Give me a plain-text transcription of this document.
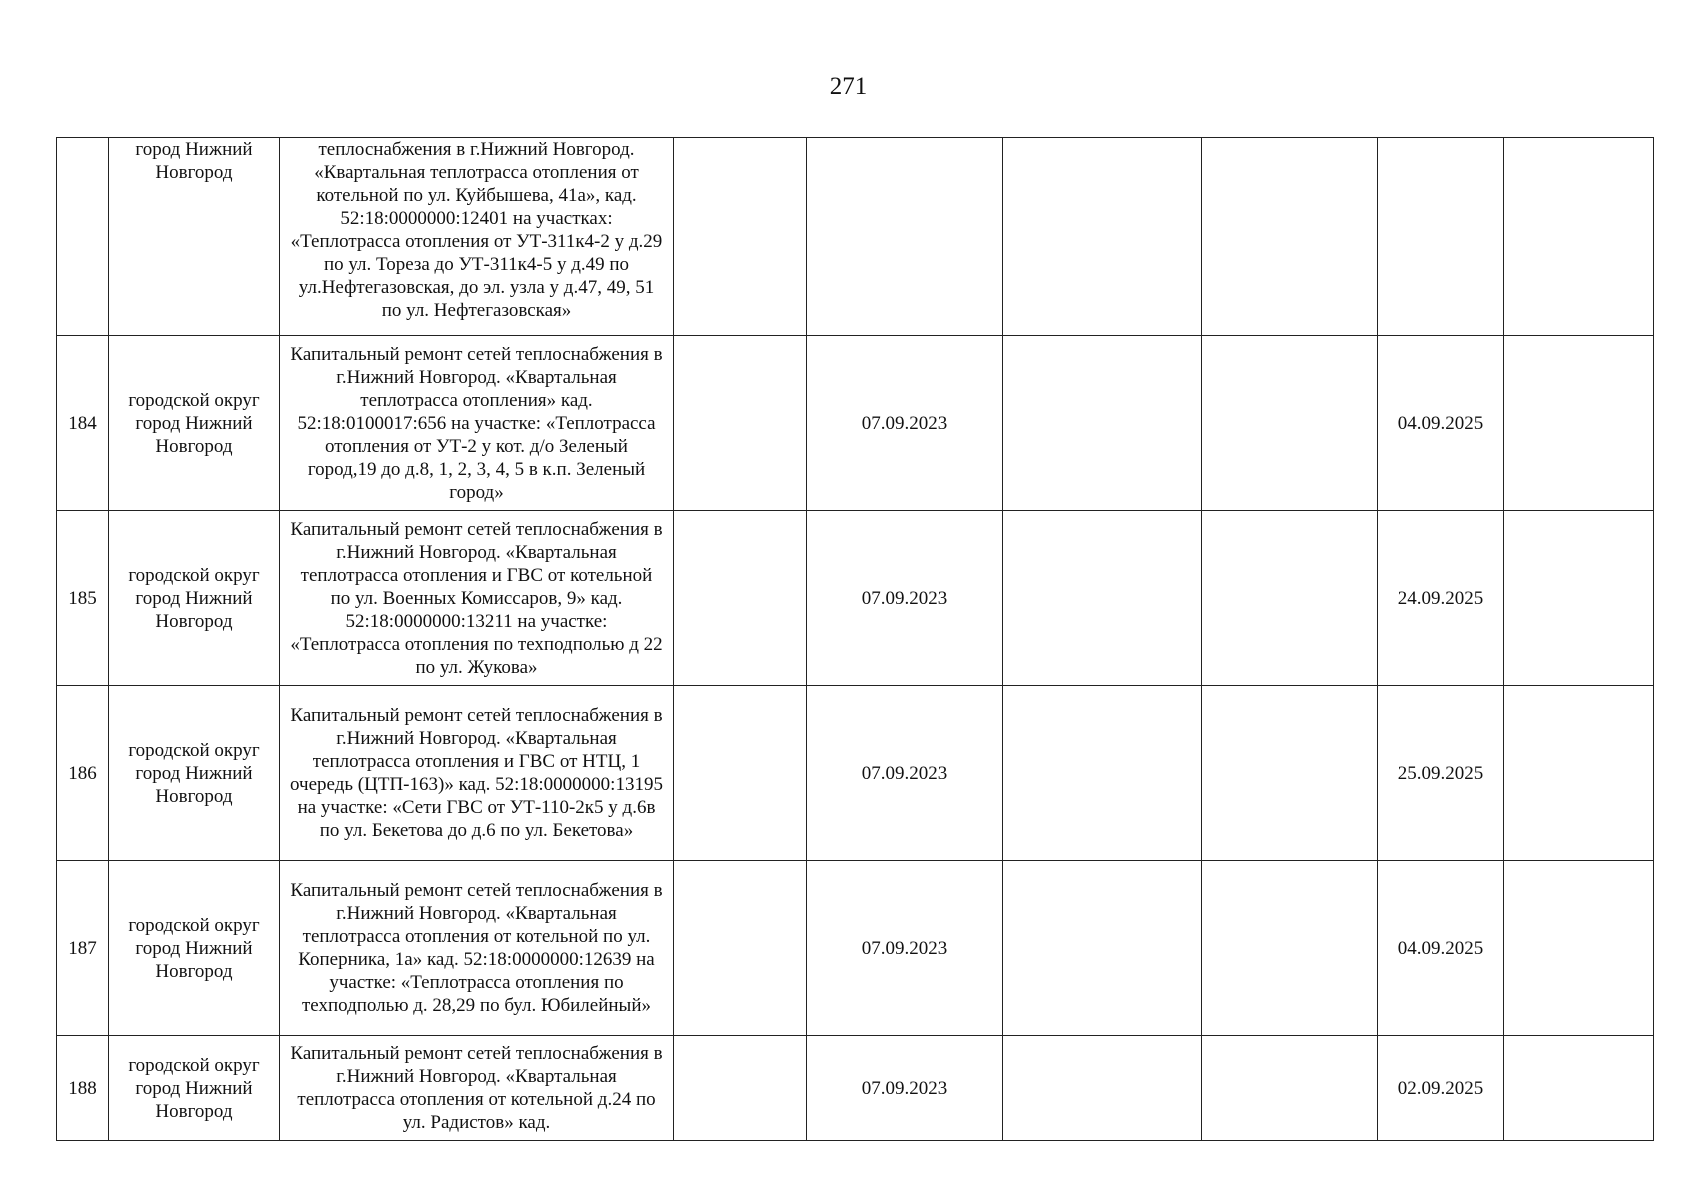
271

	город Нижний Новгород	теплоснабжения в г.Нижний Новгород. «Квартальная теплотрасса отопления от котельной по ул. Куйбышева, 41а», кад. 52:18:0000000:12401 на участках: «Теплотрасса отопления от УТ-311к4-2 у д.29 по ул. Тореза до УТ-311к4-5 у д.49 по ул.Нефтегазовская, до эл. узла у д.47, 49, 51 по ул. Нефтегазовская»						

184	городской округ город Нижний Новгород	Капитальный ремонт сетей теплоснабжения в г.Нижний Новгород. «Квартальная теплотрасса отопления» кад. 52:18:0100017:656 на участке: «Теплотрасса отопления от УТ-2 у кот. д/о Зеленый город,19 до д.8, 1, 2, 3, 4, 5 в к.п. Зеленый город»		07.09.2023			04.09.2025	
185	городской округ город Нижний Новгород	Капитальный ремонт сетей теплоснабжения в г.Нижний Новгород. «Квартальная теплотрасса отопления и ГВС от котельной по ул. Военных Комиссаров, 9» кад. 52:18:0000000:13211 на участке: «Теплотрасса отопления по техподполью д 22 по ул. Жукова»		07.09.2023			24.09.2025	
186	городской округ город Нижний Новгород	Капитальный ремонт сетей теплоснабжения в г.Нижний Новгород. «Квартальная теплотрасса отопления и ГВС от НТЦ, 1 очередь (ЦТП-163)» кад. 52:18:0000000:13195 на участке: «Сети ГВС от УТ-110-2к5 у д.6в по ул. Бекетова до д.6 по ул. Бекетова»		07.09.2023			25.09.2025	
187	городской округ город Нижний Новгород	Капитальный ремонт сетей теплоснабжения в г.Нижний Новгород. «Квартальная теплотрасса отопления от котельной по ул. Коперника, 1а» кад. 52:18:0000000:12639 на участке: «Теплотрасса отопления по техподполью д. 28,29 по бул. Юбилейный»		07.09.2023			04.09.2025	
188	городской округ город Нижний Новгород	Капитальный ремонт сетей теплоснабжения в г.Нижний Новгород. «Квартальная теплотрасса отопления от котельной д.24 по ул. Радистов» кад.		07.09.2023			02.09.2025	
